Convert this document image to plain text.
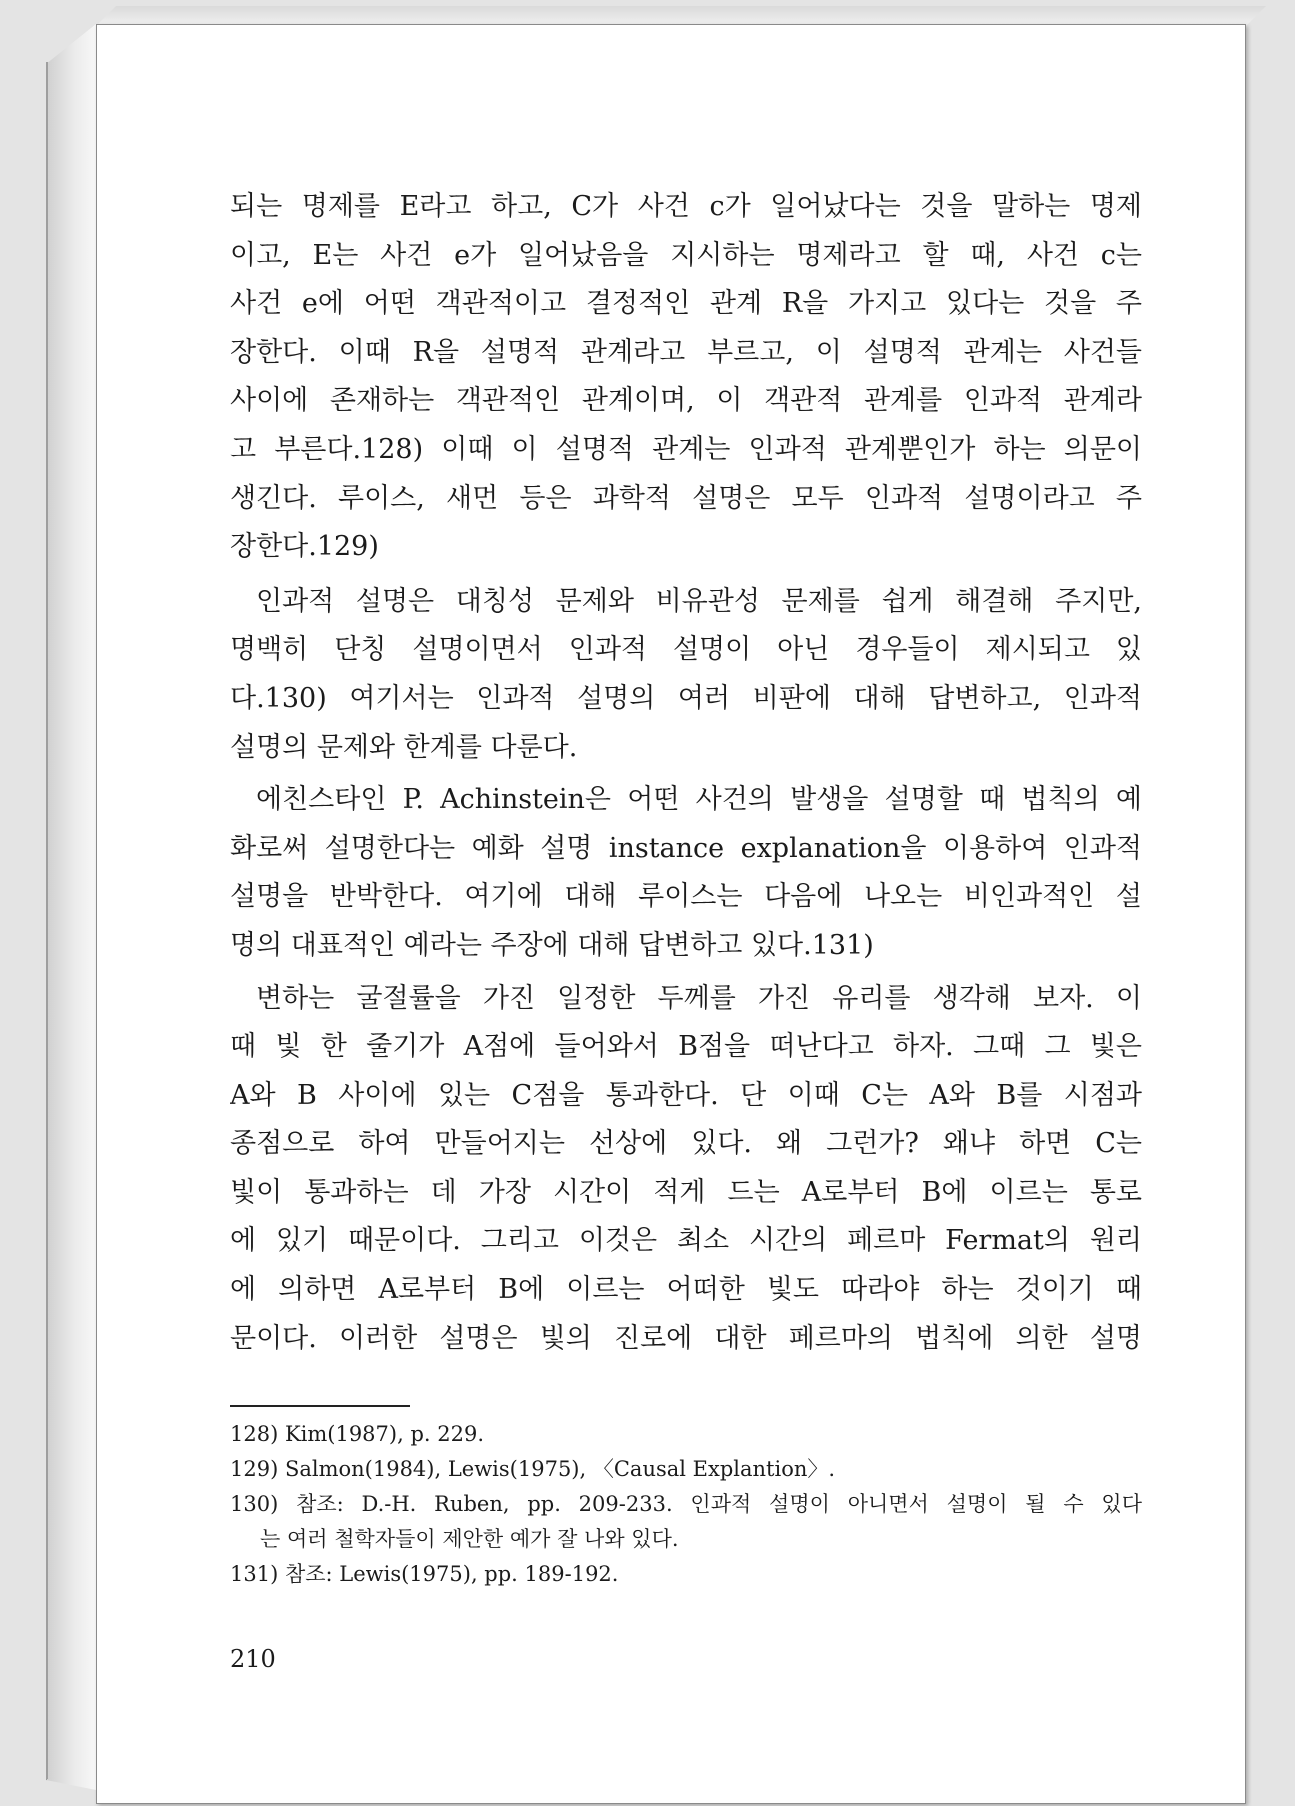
되는 명제를 E라고 하고, C가 사건 c가 일어났다는 것을 말하는 명제
이고, E는 사건 e가 일어났음을 지시하는 명제라고 할 때, 사건 c는
사건 e에 어떤 객관적이고 결정적인 관계 R을 가지고 있다는 것을 주
장한다. 이때 R을 설명적 관계라고 부르고, 이 설명적 관계는 사건들
사이에 존재하는 객관적인 관계이며, 이 객관적 관계를 인과적 관계라
고 부른다.128) 이때 이 설명적 관계는 인과적 관계뿐인가 하는 의문이
생긴다. 루이스, 새먼 등은 과학적 설명은 모두 인과적 설명이라고 주
장한다.129)
인과적 설명은 대칭성 문제와 비유관성 문제를 쉽게 해결해 주지만,
명백히 단칭 설명이면서 인과적 설명이 아닌 경우들이 제시되고 있
다.130) 여기서는 인과적 설명의 여러 비판에 대해 답변하고, 인과적
설명의 문제와 한계를 다룬다.
에친스타인 P. Achinstein은 어떤 사건의 발생을 설명할 때 법칙의 예
화로써 설명한다는 예화 설명 instance explanation을 이용하여 인과적
설명을 반박한다. 여기에 대해 루이스는 다음에 나오는 비인과적인 설
명의 대표적인 예라는 주장에 대해 답변하고 있다.131)
변하는 굴절률을 가진 일정한 두께를 가진 유리를 생각해 보자. 이
때 빛 한 줄기가 A점에 들어와서 B점을 떠난다고 하자. 그때 그 빛은
A와 B 사이에 있는 C점을 통과한다. 단 이때 C는 A와 B를 시점과
종점으로 하여 만들어지는 선상에 있다. 왜 그런가? 왜냐 하면 C는
빛이 통과하는 데 가장 시간이 적게 드는 A로부터 B에 이르는 통로
에 있기 때문이다. 그리고 이것은 최소 시간의 페르마 Fermat의 원리
에 의하면 A로부터 B에 이르는 어떠한 빛도 따라야 하는 것이기 때
문이다. 이러한 설명은 빛의 진로에 대한 페르마의 법칙에 의한 설명
128) Kim(1987), p. 229.
129) Salmon(1984), Lewis(1975), 〈Causal Explantion〉.
130) 참조: D.-H. Ruben, pp. 209-233. 인과적 설명이 아니면서 설명이 될 수 있다
는 여러 철학자들이 제안한 예가 잘 나와 있다.
131) 참조: Lewis(1975), pp. 189-192.
210
